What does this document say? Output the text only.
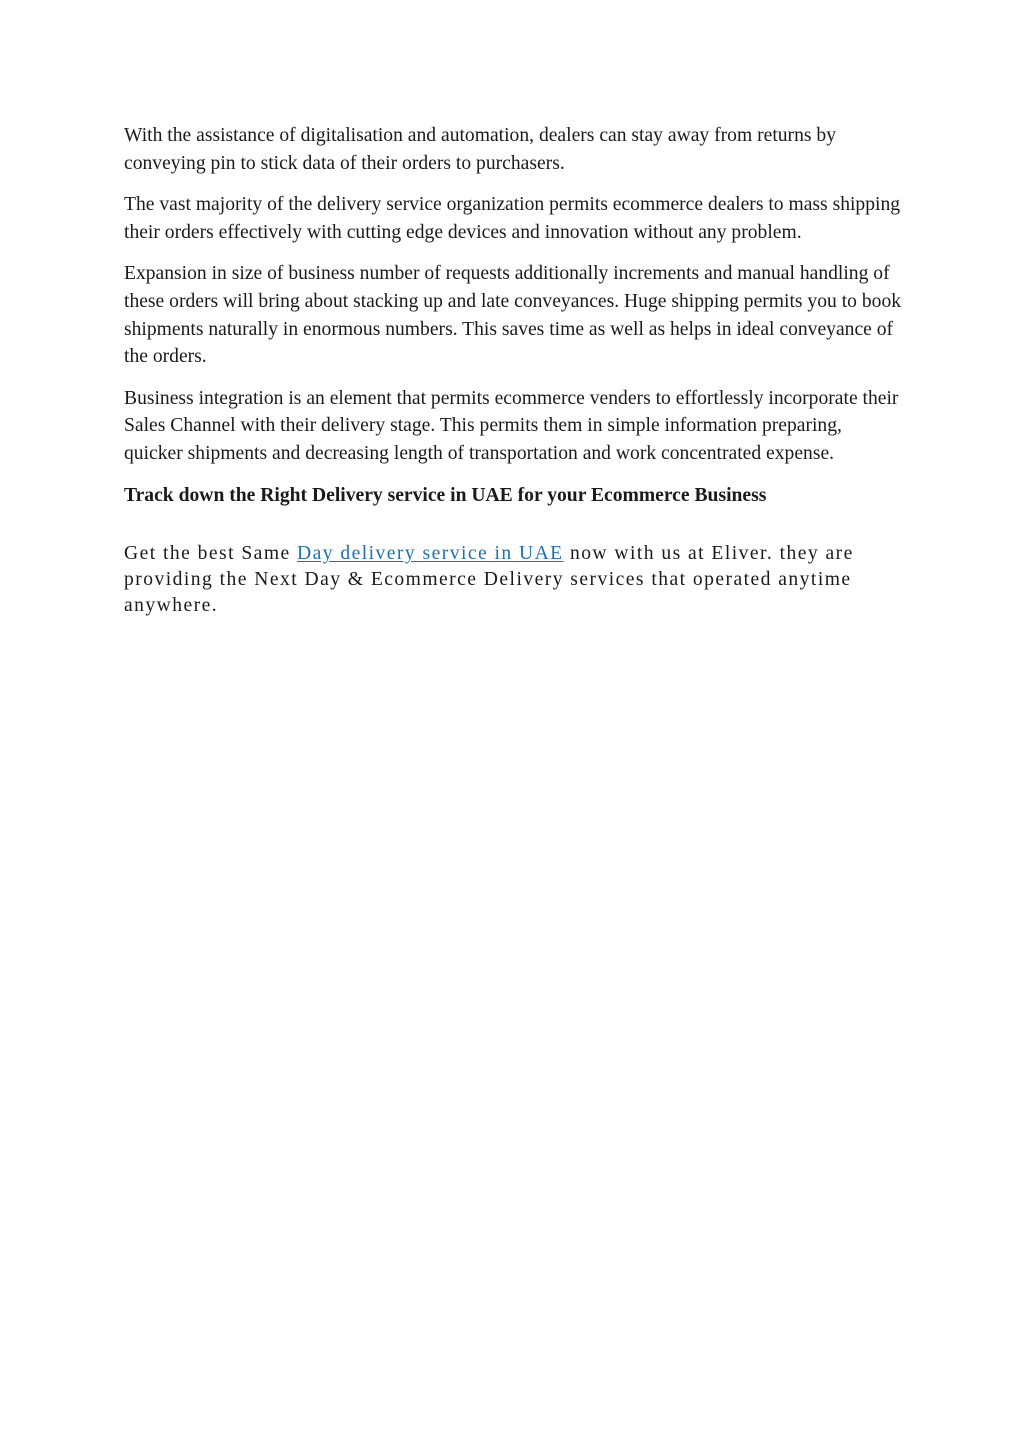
With the assistance of digitalisation and automation, dealers can stay away from returns by conveying pin to stick data of their orders to purchasers.

The vast majority of the delivery service organization permits ecommerce dealers to mass shipping their orders effectively with cutting edge devices and innovation without any problem.

Expansion in size of business number of requests additionally increments and manual handling of these orders will bring about stacking up and late conveyances. Huge shipping permits you to book shipments naturally in enormous numbers. This saves time as well as helps in ideal conveyance of the orders.

Business integration is an element that permits ecommerce venders to effortlessly incorporate their Sales Channel with their delivery stage. This permits them in simple information preparing, quicker shipments and decreasing length of transportation and work concentrated expense.

Track down the Right Delivery service in UAE for your Ecommerce Business

Get the best Same Day delivery service in UAE now with us at Eliver. they are providing the Next Day & Ecommerce Delivery services that operated anytime anywhere.
